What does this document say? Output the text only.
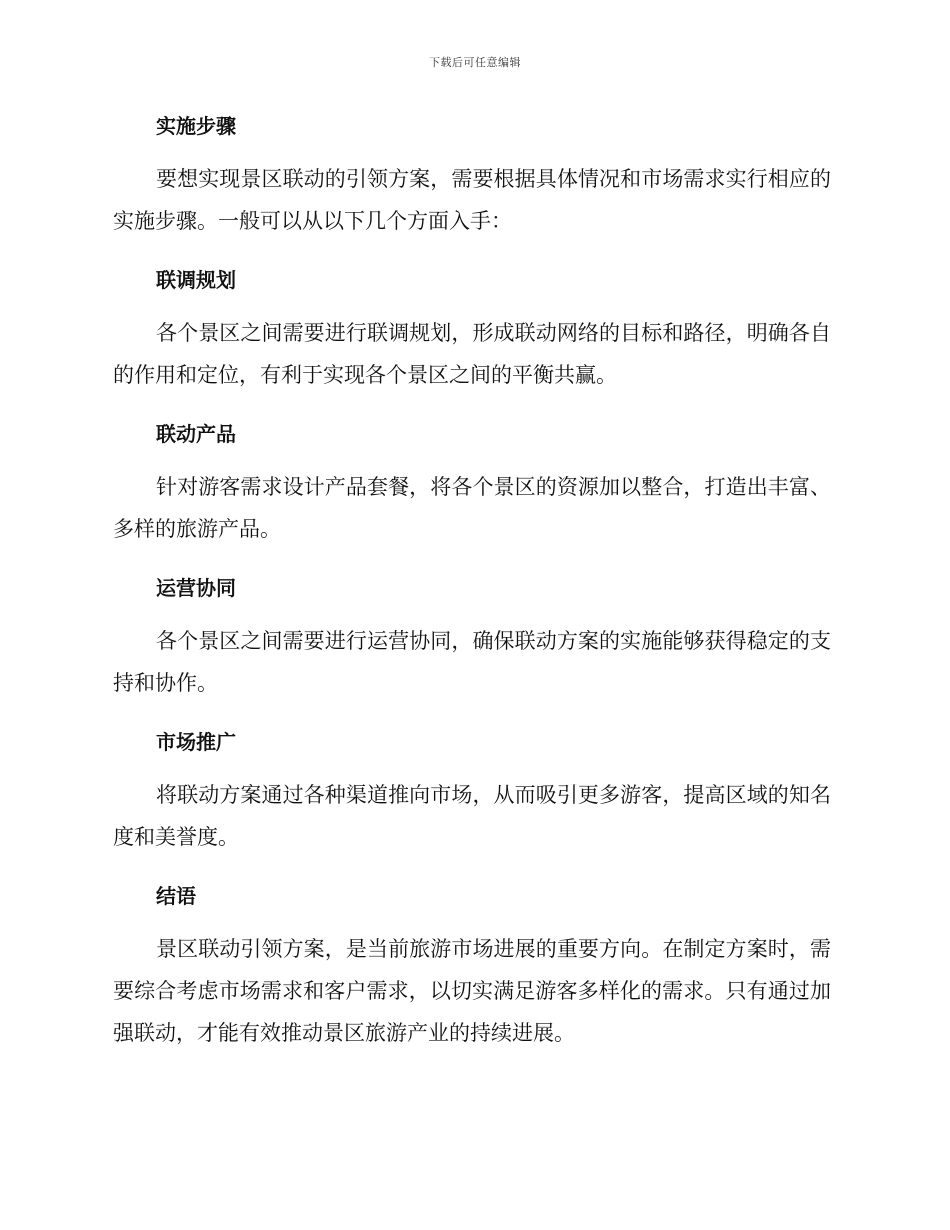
下载后可任意编辑
实施步骤

要想实现景区联动的引领方案，需要根据具体情况和市场需求实行相应的实施步骤。一般可以从以下几个方面入手：

联调规划

各个景区之间需要进行联调规划，形成联动网络的目标和路径，明确各自的作用和定位，有利于实现各个景区之间的平衡共赢。

联动产品

针对游客需求设计产品套餐，将各个景区的资源加以整合，打造出丰富、多样的旅游产品。

运营协同

各个景区之间需要进行运营协同，确保联动方案的实施能够获得稳定的支持和协作。

市场推广

将联动方案通过各种渠道推向市场，从而吸引更多游客，提高区域的知名度和美誉度。

结语

景区联动引领方案，是当前旅游市场进展的重要方向。在制定方案时，需要综合考虑市场需求和客户需求，以切实满足游客多样化的需求。只有通过加强联动，才能有效推动景区旅游产业的持续进展。
